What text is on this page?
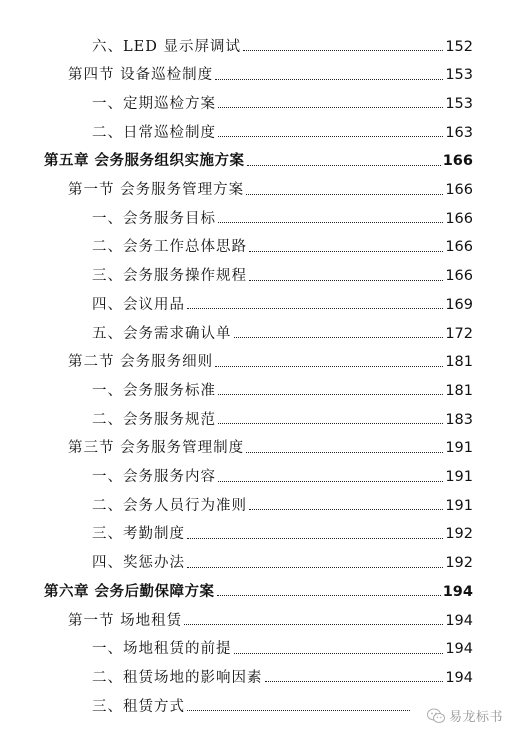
六、LED 显示屏调试	152
第四节 设备巡检制度	153
一、定期巡检方案	153
二、日常巡检制度	163
第五章 会务服务组织实施方案	166
第一节 会务服务管理方案	166
一、会务服务目标	166
二、会务工作总体思路	166
三、会务服务操作规程	166
四、会议用品	169
五、会务需求确认单	172
第二节 会务服务细则	181
一、会务服务标准	181
二、会务服务规范	183
第三节 会务服务管理制度	191
一、会务服务内容	191
二、会务人员行为准则	191
三、考勤制度	192
四、奖惩办法	192
第六章 会务后勤保障方案	194
第一节 场地租赁	194
一、场地租赁的前提	194
二、租赁场地的影响因素	194
三、租赁方式
易龙标书
